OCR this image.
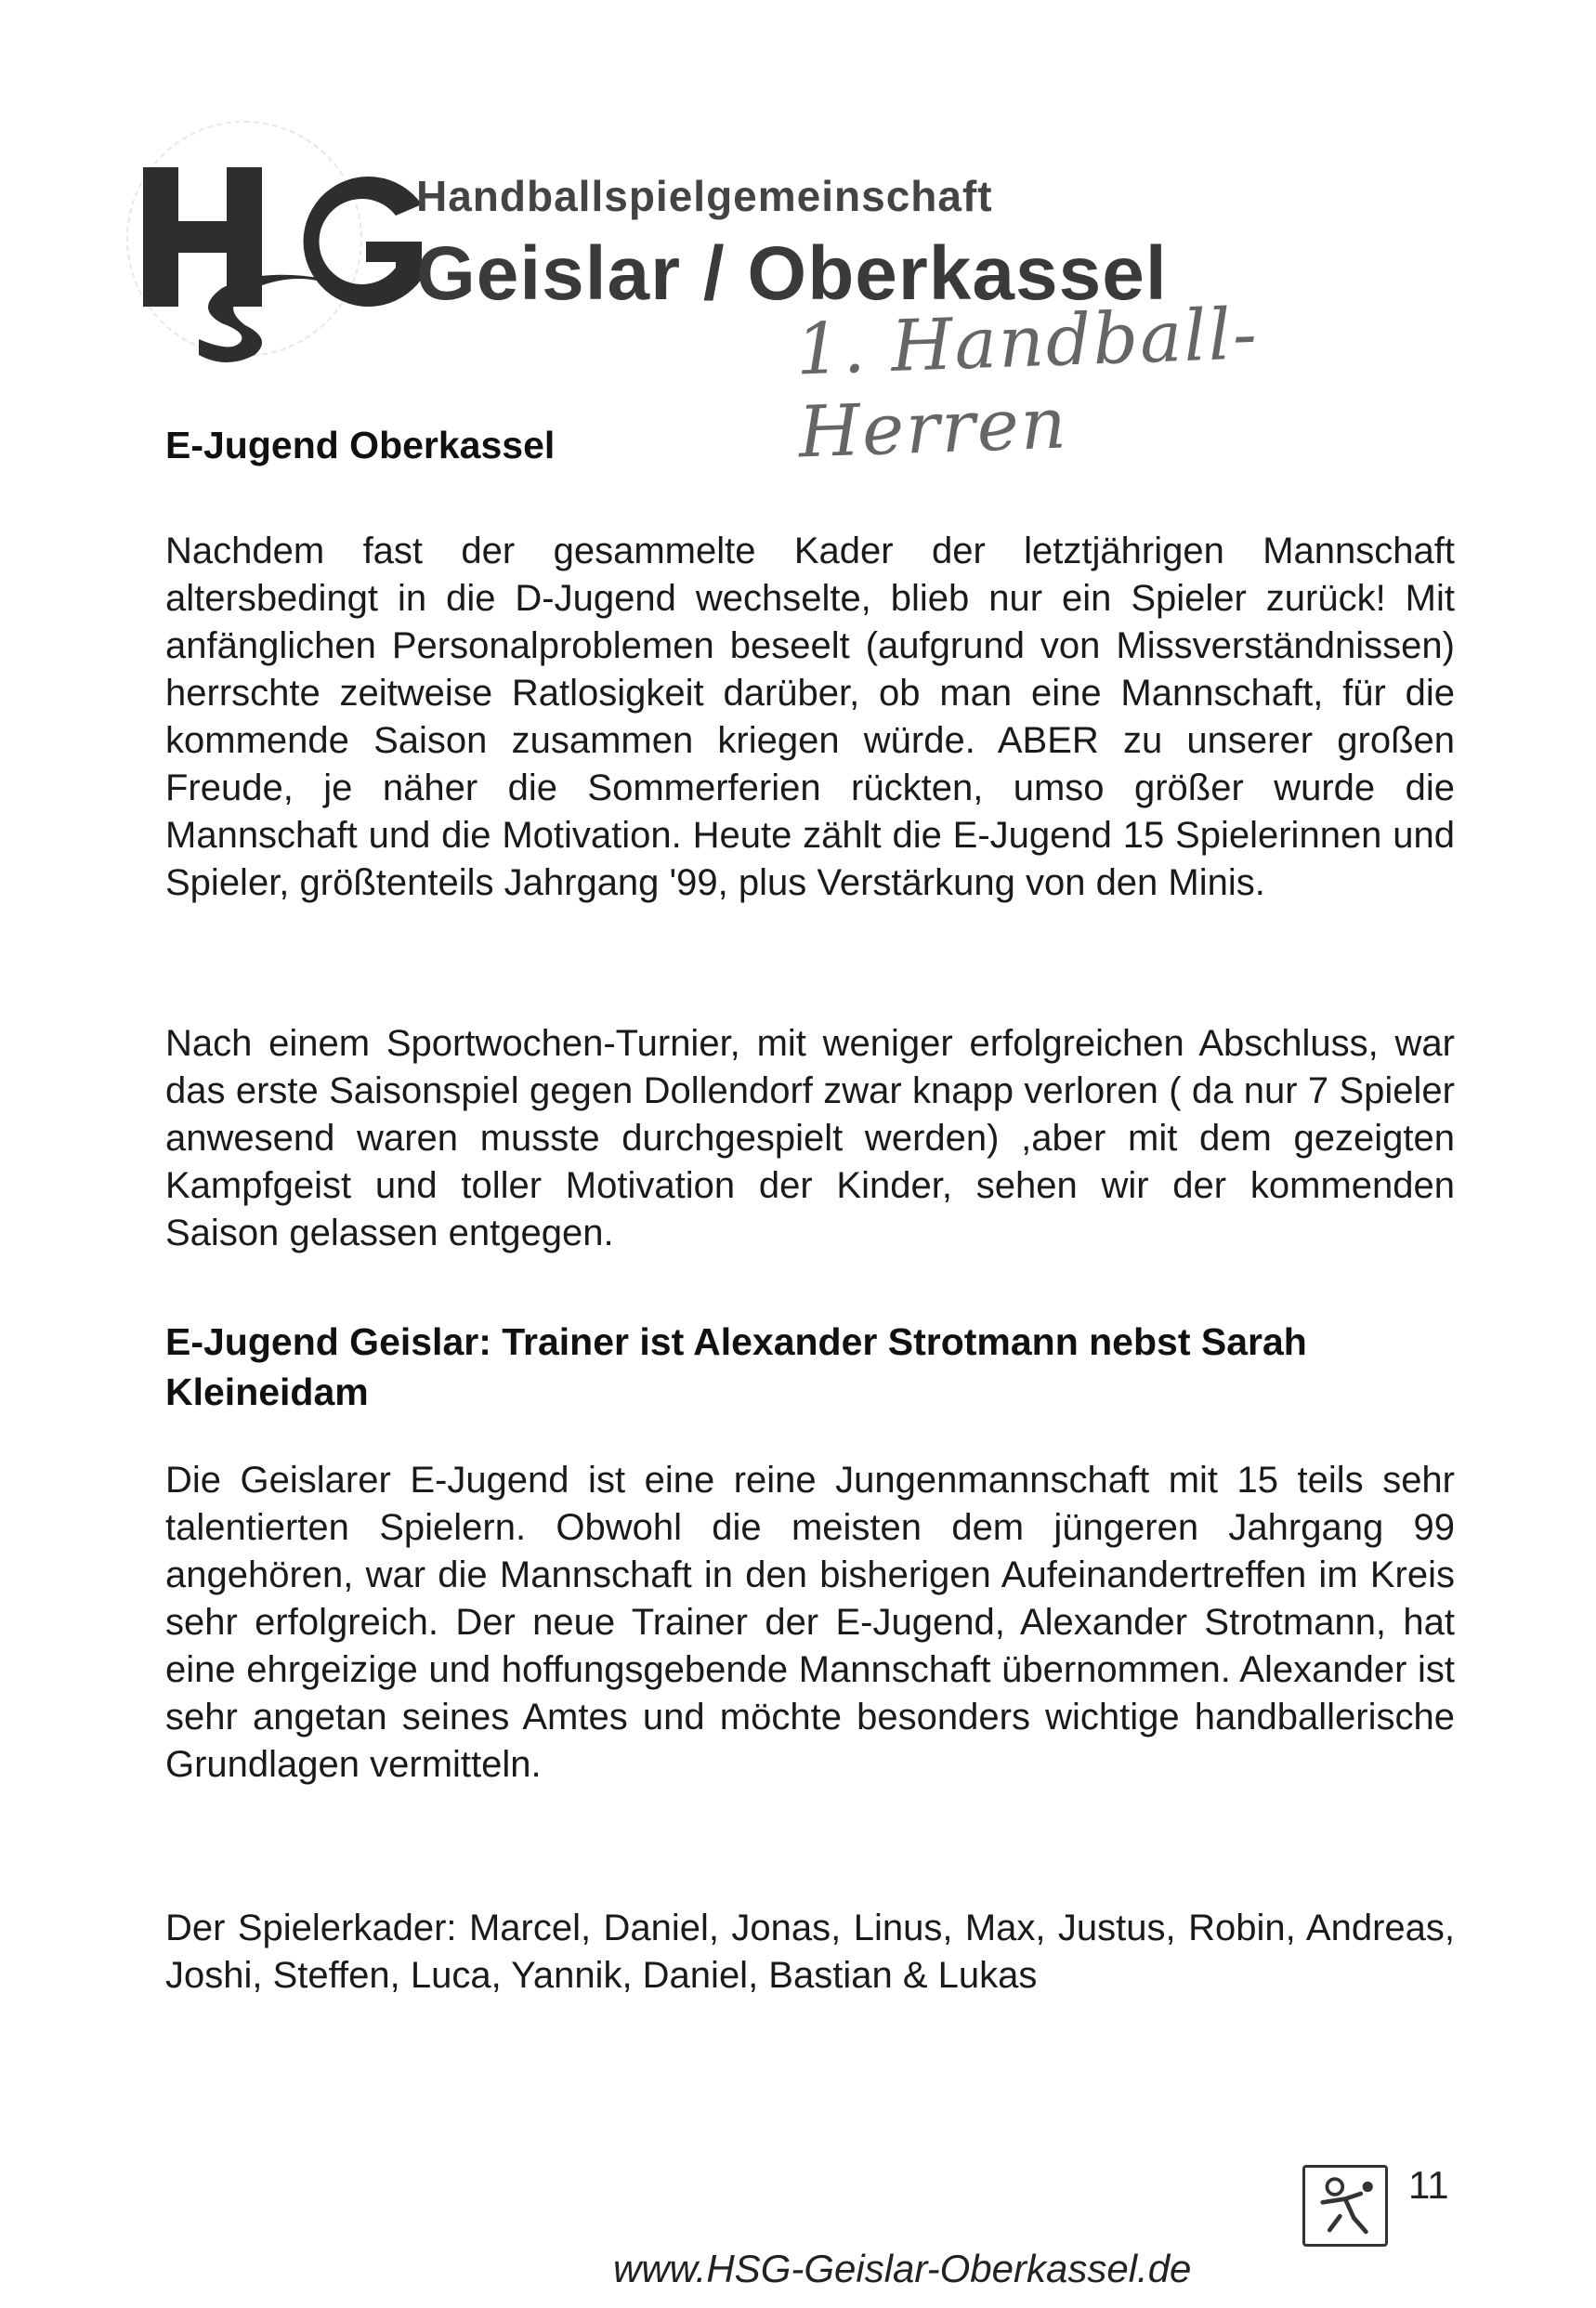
Handballspielgemeinschaft

Geislar / Oberkassel

1. Handball-Herren

E-Jugend Oberkassel

Nachdem fast der gesammelte Kader der letztjährigen Mannschaft altersbedingt in die D-Jugend wechselte, blieb nur ein Spieler zurück! Mit anfänglichen Personalproblemen beseelt (aufgrund von Missverständnissen) herrschte zeitweise Ratlosigkeit darüber, ob man eine Mannschaft, für die kommende Saison zusammen kriegen würde. ABER zu unserer großen Freude, je näher die Sommerferien rückten, umso größer wurde die Mannschaft und die Motivation. Heute zählt die E-Jugend 15 Spielerinnen und Spieler, größtenteils Jahrgang '99, plus Verstärkung von den Minis.

Nach einem Sportwochen-Turnier, mit weniger erfolgreichen Abschluss, war das erste Saisonspiel gegen Dollendorf zwar knapp verloren ( da nur 7 Spieler anwesend waren musste durchgespielt werden) ,aber mit dem gezeigten Kampfgeist und toller Motivation der Kinder, sehen wir der kommenden Saison gelassen entgegen.

E-Jugend Geislar: Trainer ist Alexander Strotmann nebst Sarah Kleineidam

Die Geislarer E-Jugend ist eine reine Jungenmannschaft mit 15 teils sehr talentierten Spielern. Obwohl die meisten dem jüngeren Jahrgang 99 angehören, war die Mannschaft in den bisherigen Aufeinandertreffen im Kreis sehr erfolgreich. Der neue Trainer der E-Jugend, Alexander Strotmann, hat eine ehrgeizige und hoffungsgebende Mannschaft übernommen. Alexander ist sehr angetan seines Amtes und möchte besonders wichtige handballerische Grundlagen vermitteln.

Der Spielerkader: Marcel, Daniel, Jonas, Linus, Max, Justus, Robin, Andreas, Joshi, Steffen, Luca, Yannik, Daniel, Bastian & Lukas

www.HSG-Geislar-Oberkassel.de

11
